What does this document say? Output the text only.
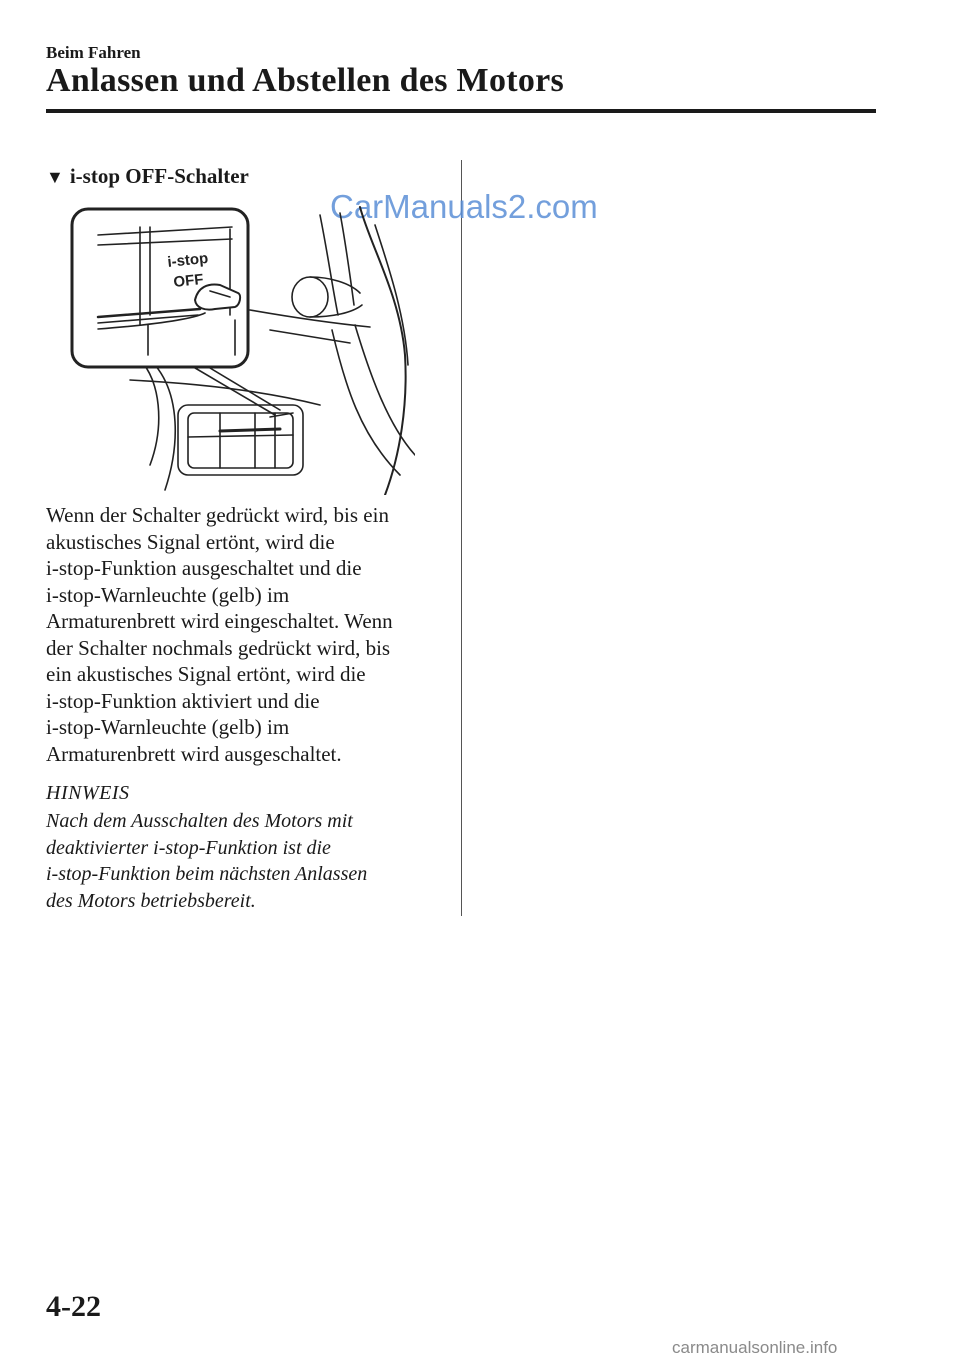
Beim Fahren
Anlassen und Abstellen des Motors
▼ i-stop OFF-Schalter
CarManuals2.com
i-stop
OFF
Wenn der Schalter gedrückt wird, bis ein
akustisches Signal ertönt, wird die
i-stop-Funktion ausgeschaltet und die
i-stop-Warnleuchte (gelb) im
Armaturenbrett wird eingeschaltet. Wenn
der Schalter nochmals gedrückt wird, bis
ein akustisches Signal ertönt, wird die
i-stop-Funktion aktiviert und die
i-stop-Warnleuchte (gelb) im
Armaturenbrett wird ausgeschaltet.
HINWEIS
Nach dem Ausschalten des Motors mit
deaktivierter i-stop-Funktion ist die
i-stop-Funktion beim nächsten Anlassen
des Motors betriebsbereit.
4-22
carmanualsonline.info
